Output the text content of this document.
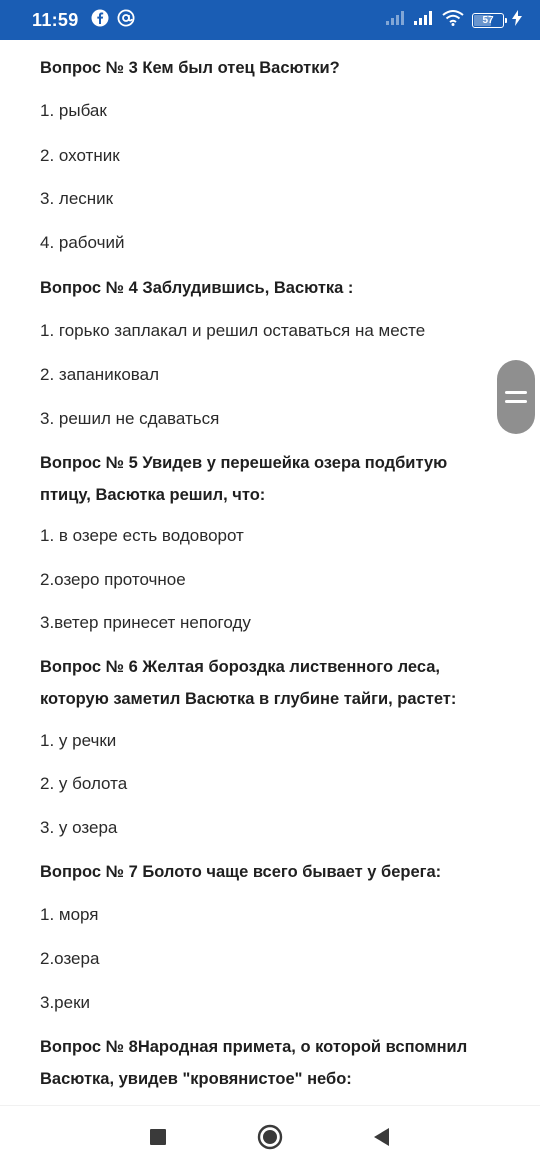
11:59	57
Вопрос № 3 Кем был отец Васютки?
1. рыбак
2. охотник
3. лесник
4. рабочий
Вопрос № 4 Заблудившись, Васютка :
1. горько заплакал и решил оставаться на месте
2. запаниковал
3. решил не сдаваться
Вопрос № 5 Увидев у перешейка озера подбитую
птицу, Васютка решил, что:
1. в озере есть водоворот
2.озеро проточное
3.ветер принесет непогоду
Вопрос № 6 Желтая бороздка лиственного леса,
которую заметил Васютка в глубине тайги, растет:
1. у речки
2. у болота
3. у озера
Вопрос № 7 Болото чаще всего бывает у берега:
1. моря
2.озера
3.реки
Вопрос № 8Народная примета, о которой вспомнил
Васютка, увидев "кровянистое" небо:
